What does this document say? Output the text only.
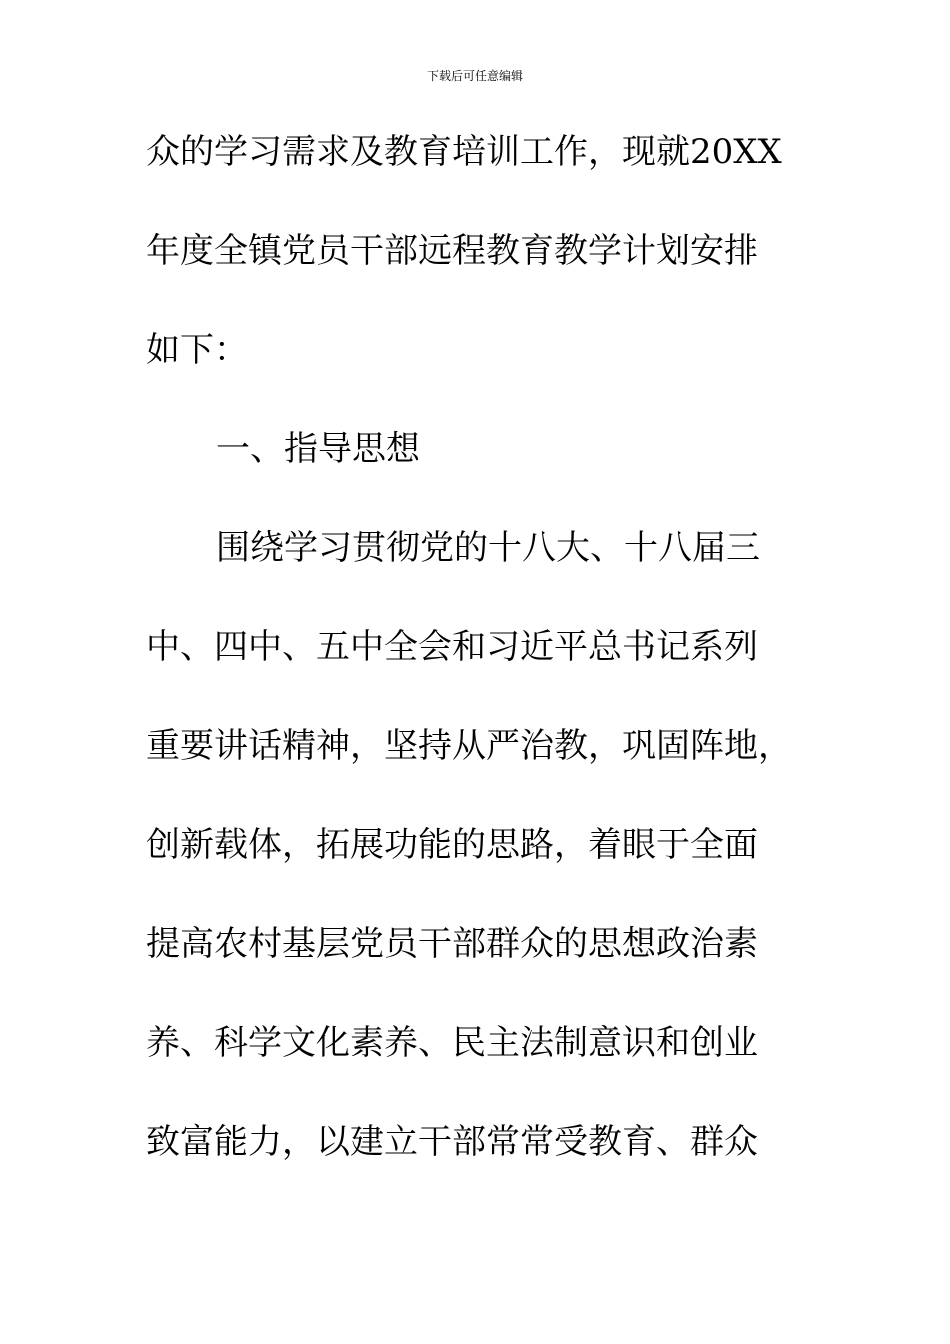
下载后可任意编辑
众的学习需求及教育培训工作，现就20XX
年度全镇党员干部远程教育教学计划安排
如下：
一、指导思想
围绕学习贯彻党的十八大、十八届三
中、四中、五中全会和习近平总书记系列
重要讲话精神，坚持从严治教，巩固阵地，
创新载体，拓展功能的思路，着眼于全面
提高农村基层党员干部群众的思想政治素
养、科学文化素养、民主法制意识和创业
致富能力，以建立干部常常受教育、群众
